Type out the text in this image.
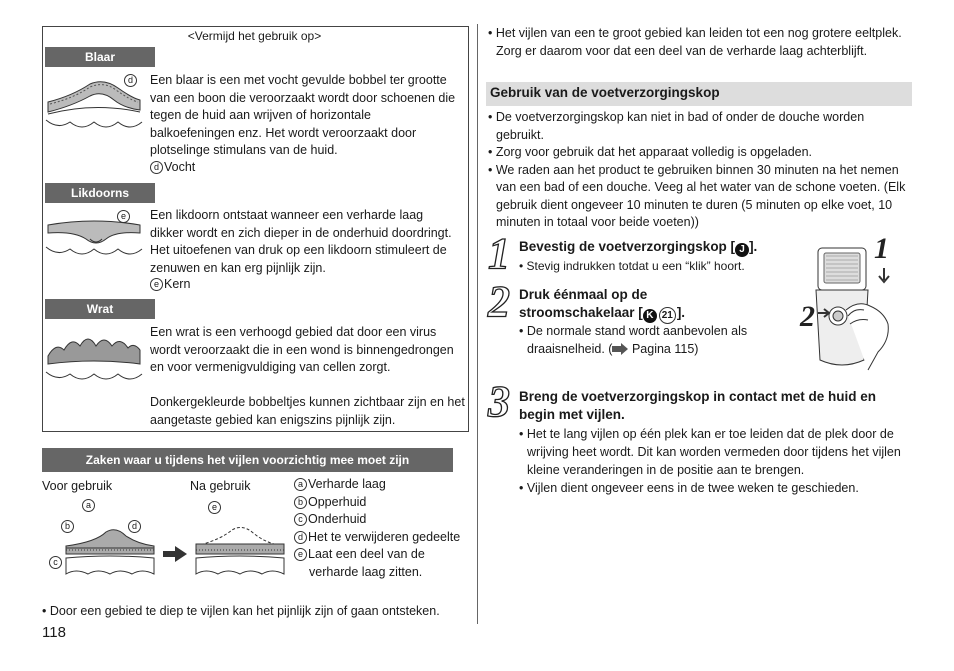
<Vermijd het gebruik op>
Blaar
d	Een blaar is een met vocht gevulde bobbel ter grootte van een boon die veroorzaakt wordt door schoenen die tegen de huid aan wrijven of horizontale balkoefeningen enz. Het wordt veroorzaakt door plotselinge stimulans van de huid.
d Vocht
Likdoorns
e	Een likdoorn ontstaat wanneer een verharde laag dikker wordt en zich dieper in de onderhuid doordringt. Het uitoefenen van druk op een likdoorn stimuleert de zenuwen en kan erg pijnlijk zijn.
e Kern
Wrat
Een wrat is een verhoogd gebied dat door een virus wordt veroorzaakt die in een wond is binnengedrongen en voor vermenigvuldiging van cellen zorgt.
Donkergekleurde bobbeltjes kunnen zichtbaar zijn en het aangetaste gebied kan enigszins pijnlijk zijn.
Zaken waar u tijdens het vijlen voorzichtig mee moet zijn
Voor gebruik	Na gebruik
a
b	d
c
e
a Verharde laag
b Opperhuid
c Onderhuid
d Het te verwijderen gedeelte
e Laat een deel van de verharde laag zitten.
• Door een gebied te diep te vijlen kan het pijnlijk zijn of gaan ontsteken.
118
• Het vijlen van een te groot gebied kan leiden tot een nog grotere eeltplek. Zorg er daarom voor dat een deel van de verharde laag achterblijft.
Gebruik van de voetverzorgingskop
• De voetverzorgingskop kan niet in bad of onder de douche worden gebruikt.
• Zorg voor gebruik dat het apparaat volledig is opgeladen.
• We raden aan het product te gebruiken binnen 30 minuten na het nemen van een bad of een douche. Veeg al het water van de schone voeten. (Elk gebruik dient ongeveer 10 minuten te duren (5 minuten op elke voet, 10 minuten in totaal voor beide voeten))
1 Bevestig de voetverzorgingskop [ J ].
• Stevig indrukken totdat u een “klik” hoort.
2 Druk éénmaal op de stroomschakelaar [ K 21 ].
• De normale stand wordt aanbevolen als draaisnelheid. ( Pagina 115)
1
2
3 Breng de voetverzorgingskop in contact met de huid en begin met vijlen.
• Het te lang vijlen op één plek kan er toe leiden dat de plek door de wrijving heet wordt. Dit kan worden vermeden door tijdens het vijlen kleine veranderingen in de positie aan te brengen.
• Vijlen dient ongeveer eens in de twee weken te geschieden.
